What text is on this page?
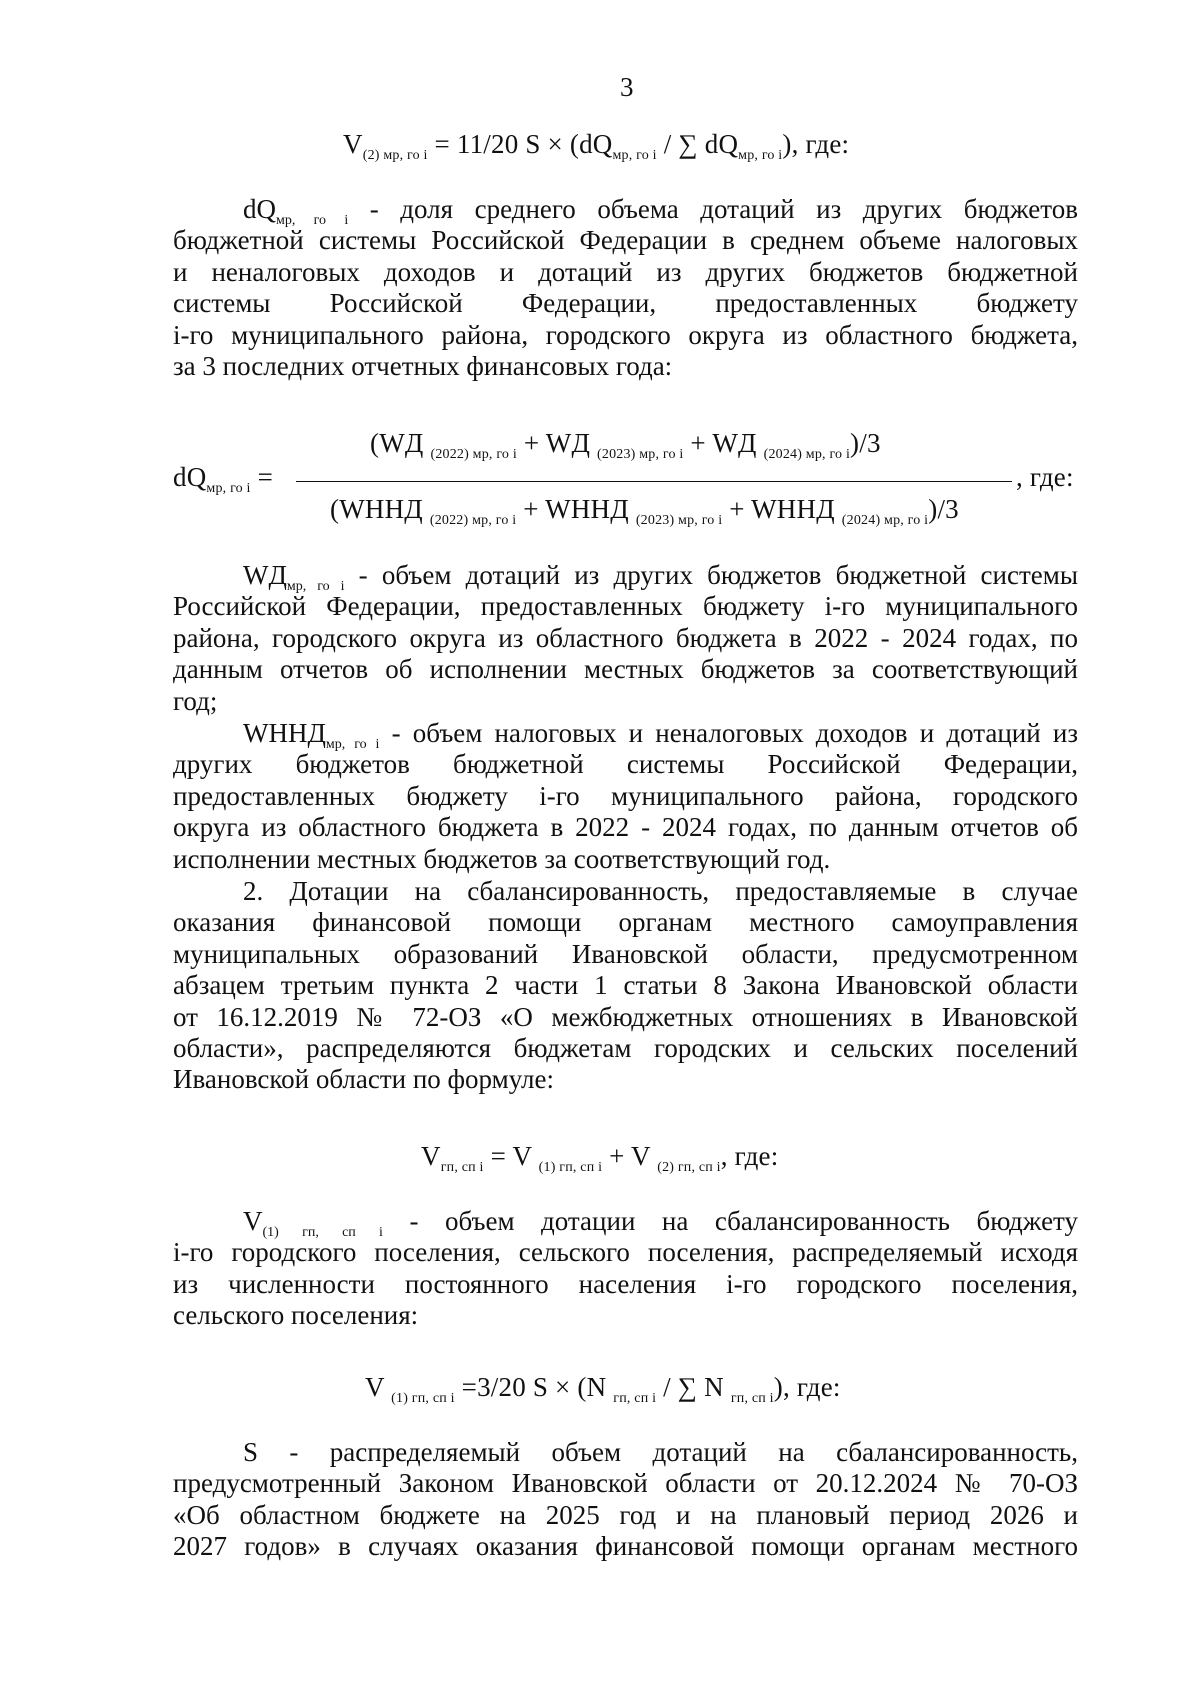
3
$V_{(2) мр, го i} = 11/20$ $S \times (dQ_{мр, го i}$ / ∑ $dQ_{мр, го i}$), где:
$dQ_{мр, го i}$ - доля среднего объема дотаций из других бюджетов
бюджетной системы Российской Федерации в среднем объеме налоговых
и неналоговых доходов и дотаций из других бюджетов бюджетной
системы Российской Федерации, предоставленных бюджету
i-го муниципального района, городского округа из областного бюджета,
за 3 последних отчетных финансовых года:
$dQ_{мр, го i}$ =
(WД $_{(2022) мр, го i}$ + WД $_{(2023) мр, го i}$ + WД $_{(2024) мр, го i}$)/3
, где:
(WННД $_{(2022) мр, го i}$ + WННД $_{(2023) мр, го i}$ + WННД $_{(2024) мр, го i}$)/3
$WД_{мр, го i}$ - объем дотаций из других бюджетов бюджетной системы
Российской Федерации, предоставленных бюджету i-го муниципального
района, городского округа из областного бюджета в 2022 - 2024 годах, по
данным отчетов об исполнении местных бюджетов за соответствующий
год;
$WННД_{мр, го i}$ - объем налоговых и неналоговых доходов и дотаций из
других бюджетов бюджетной системы Российской Федерации,
предоставленных бюджету i-го муниципального района, городского
округа из областного бюджета в 2022 - 2024 годах, по данным отчетов об
исполнении местных бюджетов за соответствующий год.
2. Дотации на сбалансированность, предоставляемые в случае
оказания финансовой помощи органам местного самоуправления
муниципальных образований Ивановской области, предусмотренном
абзацем третьим пункта 2 части 1 статьи 8 Закона Ивановской области
от 16.12.2019 № 72-ОЗ «О межбюджетных отношениях в Ивановской
области», распределяются бюджетам городских и сельских поселений
Ивановской области по формуле:
$V_{гп, сп i} = V$ $_{(1) гп, сп i}$ + V $_{(2) гп, сп i}$, где:
$V_{(1) гп, сп i}$ - объем дотации на сбалансированность бюджету
i-го городского поселения, сельского поселения, распределяемый исходя
из численности постоянного населения i-го городского поселения,
сельского поселения:
V $_{(1) гп, сп i}$ =3/20 S × (N $_{гп, сп i}$ / ∑ N $_{гп, сп i}$), где:
S - распределяемый объем дотаций на сбалансированность,
предусмотренный Законом Ивановской области от 20.12.2024 № 70-ОЗ
«Об областном бюджете на 2025 год и на плановый период 2026 и
2027 годов» в случаях оказания финансовой помощи органам местного
